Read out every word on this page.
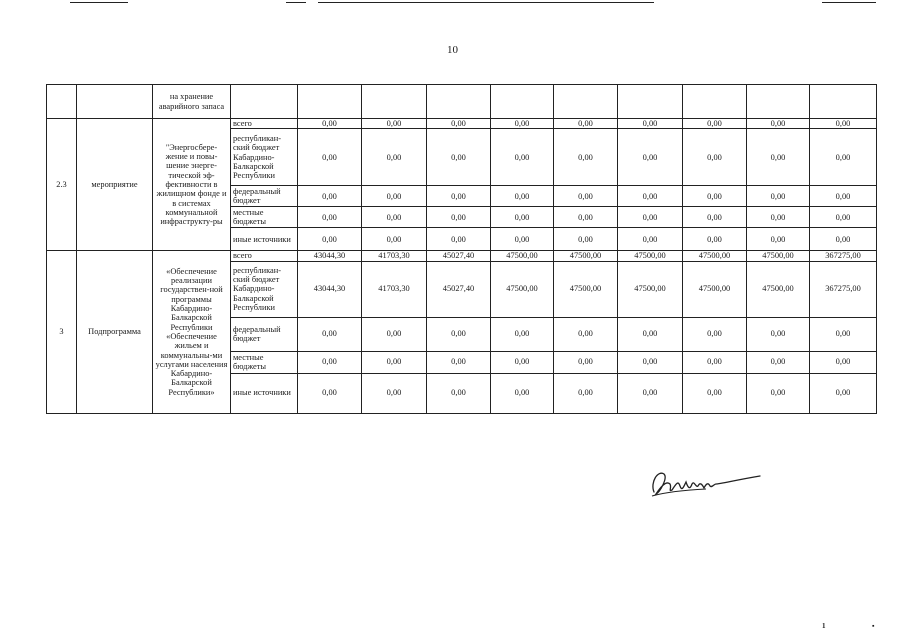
10
		на хранение аварийного запаса										
2.3	мероприятие	"Энергосбере-жение и повы-шение энерге-тической эф-фективности в жилищном фонде и в системах коммунальной инфраструкту-ры	всего	0,00	0,00	0,00	0,00	0,00	0,00	0,00	0,00	0,00
			республикан-ский бюджет Кабардино-Балкарской Республики	0,00	0,00	0,00	0,00	0,00	0,00	0,00	0,00	0,00
			федеральный бюджет	0,00	0,00	0,00	0,00	0,00	0,00	0,00	0,00	0,00
			местные бюджеты	0,00	0,00	0,00	0,00	0,00	0,00	0,00	0,00	0,00
			иные источники	0,00	0,00	0,00	0,00	0,00	0,00	0,00	0,00	0,00
3	Подпрограмма	«Обеспечение реализации государствен-ной программы Кабардино-Балкарской Республики «Обеспечение жильем и коммунальны-ми услугами населения Кабардино-Балкарской Республики»	всего	43044,30	41703,30	45027,40	47500,00	47500,00	47500,00	47500,00	47500,00	367275,00
			республикан-ский бюджет Кабардино-Балкарской Республики	43044,30	41703,30	45027,40	47500,00	47500,00	47500,00	47500,00	47500,00	367275,00
			федеральный бюджет	0,00	0,00	0,00	0,00	0,00	0,00	0,00	0,00	0,00
			местные бюджеты	0,00	0,00	0,00	0,00	0,00	0,00	0,00	0,00	0,00
			иные источники	0,00	0,00	0,00	0,00	0,00	0,00	0,00	0,00	0,00
1	▪
